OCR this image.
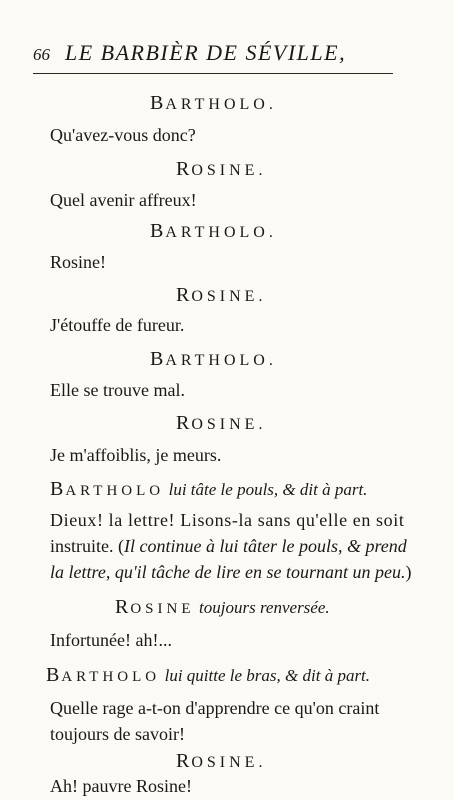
66 LE BARBIÈR DE SÉVILLE,
BARTHOLO.
Qu'avez-vous donc?
ROSINE.
Quel avenir affreux!
BARTHOLO.
Rosine!
ROSINE.
J'étouffe de fureur.
BARTHOLO.
Elle se trouve mal.
ROSINE.
Je m'affoiblis, je meurs.
BARTHOLO lui tâte le pouls, & dit à part.
Dieux! la lettre! Lisons-la sans qu'elle en soit
instruite. (Il continue à lui tâter le pouls, & prend
la lettre, qu'il tâche de lire en se tournant un peu.)
ROSINE toujours renversée.
Infortunée! ah!...
BARTHOLO lui quitte le bras, & dit à part.
Quelle rage a-t-on d'apprendre ce qu'on craint
toujours de savoir!
ROSINE.
Ah! pauvre Rosine!
